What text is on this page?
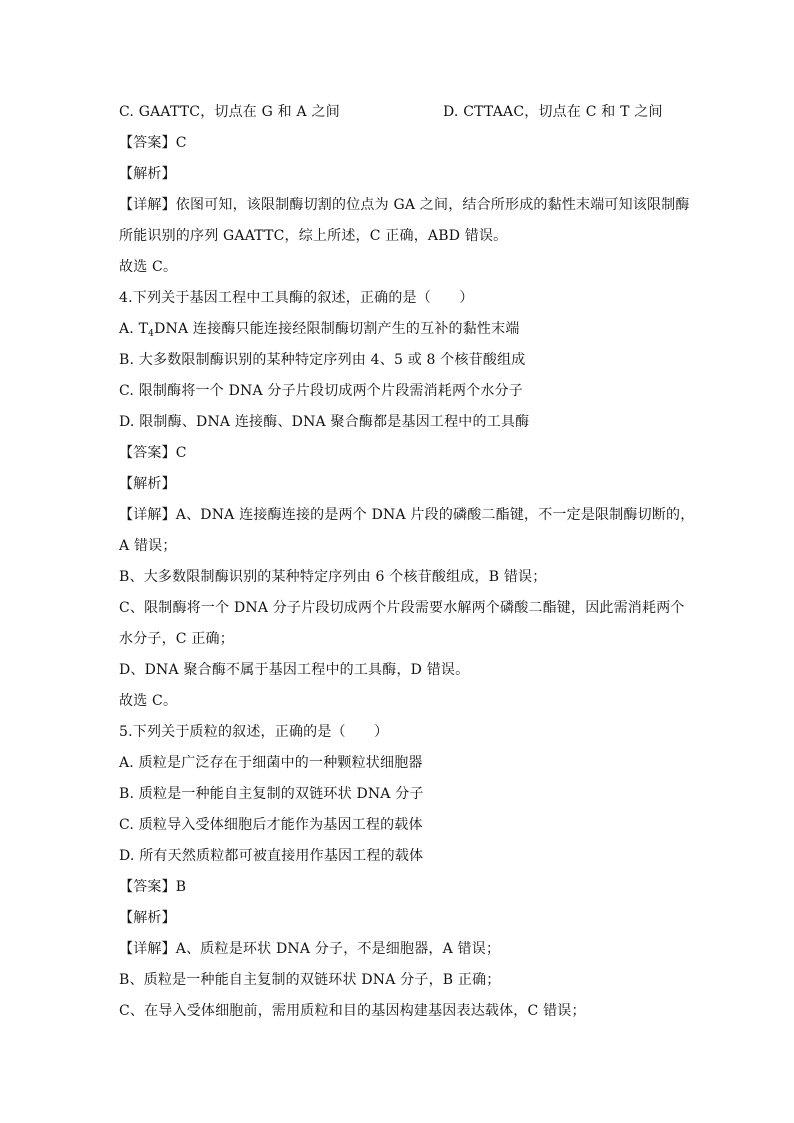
C. GAATTC，切点在 G 和 A 之间	D. CTTAAC，切点在 C 和 T 之间
【答案】C
【解析】
【详解】依图可知，该限制酶切割的位点为 GA 之间，结合所形成的黏性末端可知该限制酶
所能识别的序列 GAATTC，综上所述，C 正确，ABD 错误。
故选 C。
4.下列关于基因工程中工具酶的叙述，正确的是（　　）
A. $T_4DNA$ 连接酶只能连接经限制酶切割产生的互补的黏性末端
B. 大多数限制酶识别的某种特定序列由 4、5 或 8 个核苷酸组成
C. 限制酶将一个 DNA 分子片段切成两个片段需消耗两个水分子
D. 限制酶、DNA 连接酶、DNA 聚合酶都是基因工程中的工具酶
【答案】C
【解析】
【详解】A、DNA 连接酶连接的是两个 DNA 片段的磷酸二酯键，不一定是限制酶切断的，
A 错误；
B、大多数限制酶识别的某种特定序列由 6 个核苷酸组成，B 错误；
C、限制酶将一个 DNA 分子片段切成两个片段需要水解两个磷酸二酯键，因此需消耗两个
水分子，C 正确；
D、DNA 聚合酶不属于基因工程中的工具酶，D 错误。
故选 C。
5.下列关于质粒的叙述，正确的是（　　）
A. 质粒是广泛存在于细菌中的一种颗粒状细胞器
B. 质粒是一种能自主复制的双链环状 DNA 分子
C. 质粒导入受体细胞后才能作为基因工程的载体
D. 所有天然质粒都可被直接用作基因工程的载体
【答案】B
【解析】
【详解】A、质粒是环状 DNA 分子，不是细胞器，A 错误；
B、质粒是一种能自主复制的双链环状 DNA 分子，B 正确；
C、在导入受体细胞前，需用质粒和目的基因构建基因表达载体，C 错误；
